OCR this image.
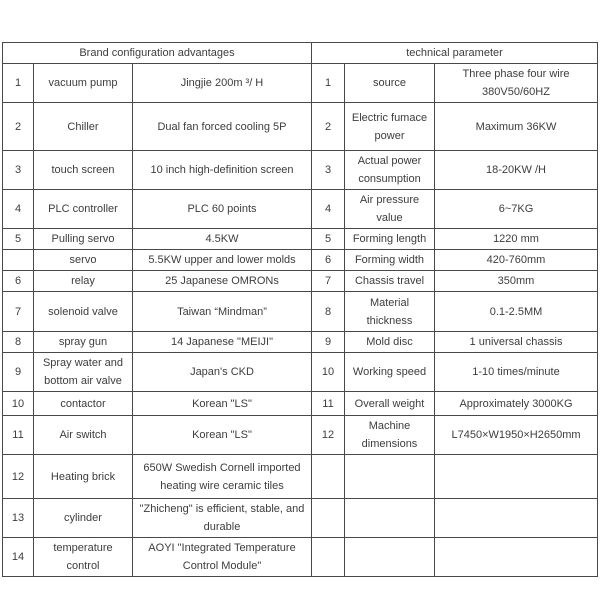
Brand configuration advantages			technical parameter		
1	vacuum pump	Jingjie 200m ³/ H	1	source	Three phase four wire 380V50/60HZ
2	Chiller	Dual fan forced cooling 5P	2	Electric fumace power	Maximum 36KW
3	touch screen	10 inch high-definition screen	3	Actual power consumption	18-20KW /H
4	PLC controller	PLC 60 points	4	Air pressure value	6~7KG
5	Pulling servo	4.5KW	5	Forming length	1220 mm
	servo	5.5KW upper and lower molds	6	Forming width	420-760mm
6	relay	25 Japanese OMRONs	7	Chassis travel	350mm
7	solenoid valve	Taiwan “Mindman”	8	Material thickness	0.1-2.5MM
8	spray gun	14 Japanese "MEIJI"	9	Mold disc	1 universal chassis
9	Spray water and bottom air valve	Japan's CKD	10	Working speed	1-10 times/minute
10	contactor	Korean "LS"	11	Overall weight	Approximately 3000KG
11	Air switch	Korean "LS"	12	Machine dimensions	L7450×W1950×H2650mm
12	Heating brick	650W Swedish Cornell imported heating wire ceramic tiles			
13	cylinder	"Zhicheng" is efficient, stable, and durable			
14	temperature control	AOYI "Integrated Temperature Control Module"			
